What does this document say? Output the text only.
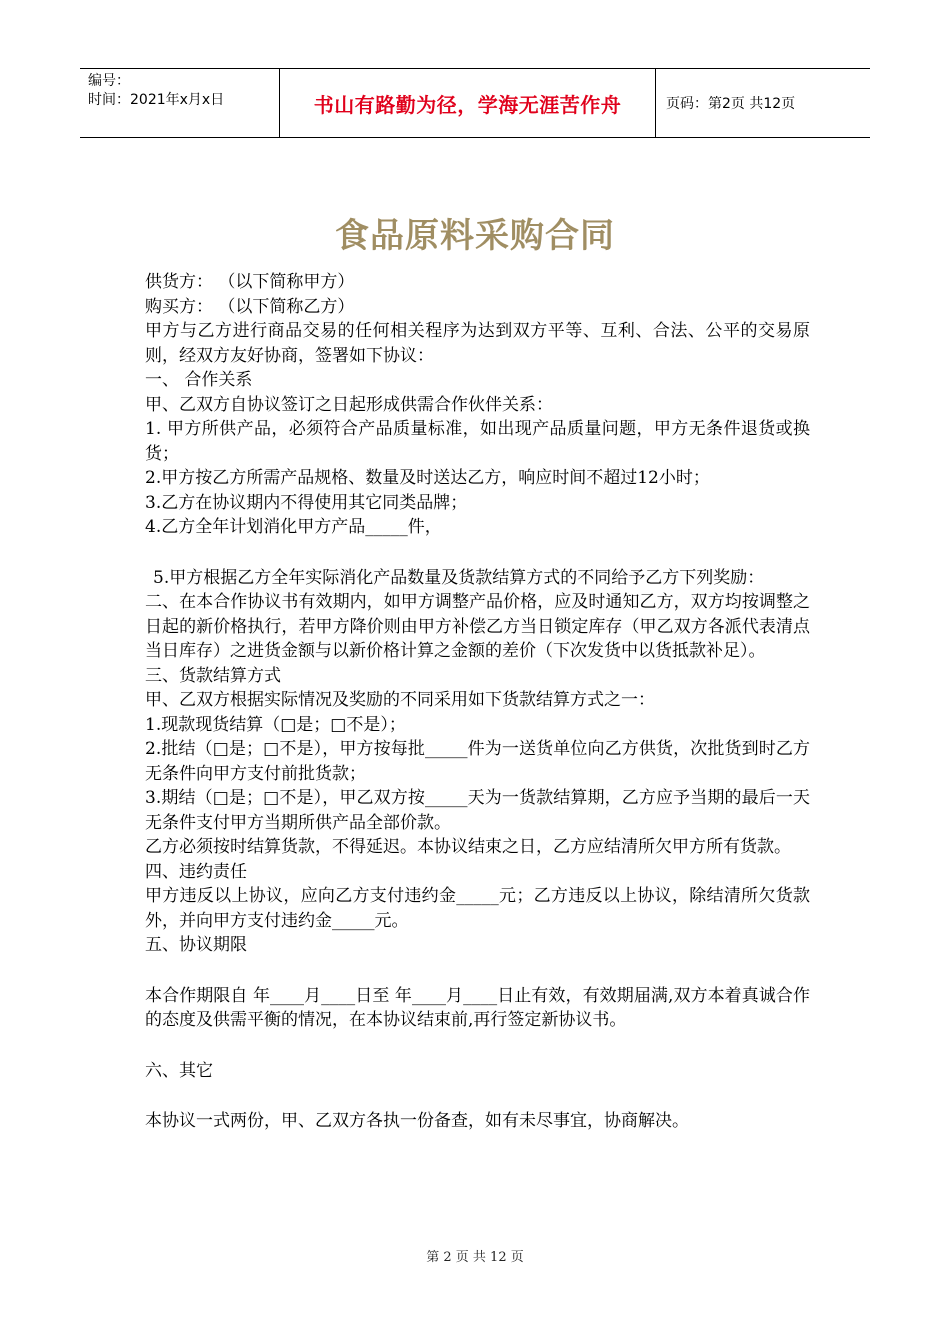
编号：
时间：2021年x月x日	书山有路勤为径，学海无涯苦作舟	页码：第2页 共12页
食品原料采购合同

供货方： （以下简称甲方）

购买方： （以下简称乙方）

甲方与乙方进行商品交易的任何相关程序为达到双方平等、互利、合法、公平的交易原则，经双方友好协商，签署如下协议：

一、 合作关系

甲、乙双方自协议签订之日起形成供需合作伙伴关系：

1. 甲方所供产品，必须符合产品质量标准，如出现产品质量问题，甲方无条件退货或换货；

2.甲方按乙方所需产品规格、数量及时送达乙方，响应时间不超过12小时；

3.乙方在协议期内不得使用其它同类品牌；

4.乙方全年计划消化甲方产品_____件，

5.甲方根据乙方全年实际消化产品数量及货款结算方式的不同给予乙方下列奖励：

二、在本合作协议书有效期内，如甲方调整产品价格，应及时通知乙方，双方均按调整之日起的新价格执行，若甲方降价则由甲方补偿乙方当日锁定库存（甲乙双方各派代表清点当日库存）之进货金额与以新价格计算之金额的差价（下次发货中以货抵款补足）。

三、货款结算方式

甲、乙双方根据实际情况及奖励的不同采用如下货款结算方式之一：

1.现款现货结算（□是；□不是）；

2.批结（□是；□不是），甲方按每批_____件为一送货单位向乙方供货，次批货到时乙方无条件向甲方支付前批货款；

3.期结（□是；□不是），甲乙双方按_____天为一货款结算期，乙方应予当期的最后一天无条件支付甲方当期所供产品全部价款。

乙方必须按时结算货款，不得延迟。本协议结束之日，乙方应结清所欠甲方所有货款。

四、违约责任

甲方违反以上协议，应向乙方支付违约金_____元；乙方违反以上协议，除结清所欠货款外，并向甲方支付违约金_____元。

五、协议期限

本合作期限自 年____月____日至 年____月____日止有效，有效期届满,双方本着真诚合作的态度及供需平衡的情况，在本协议结束前,再行签定新协议书。

六、其它

本协议一式两份，甲、乙双方各执一份备查，如有未尽事宜，协商解决。

第 2 页 共 12 页
